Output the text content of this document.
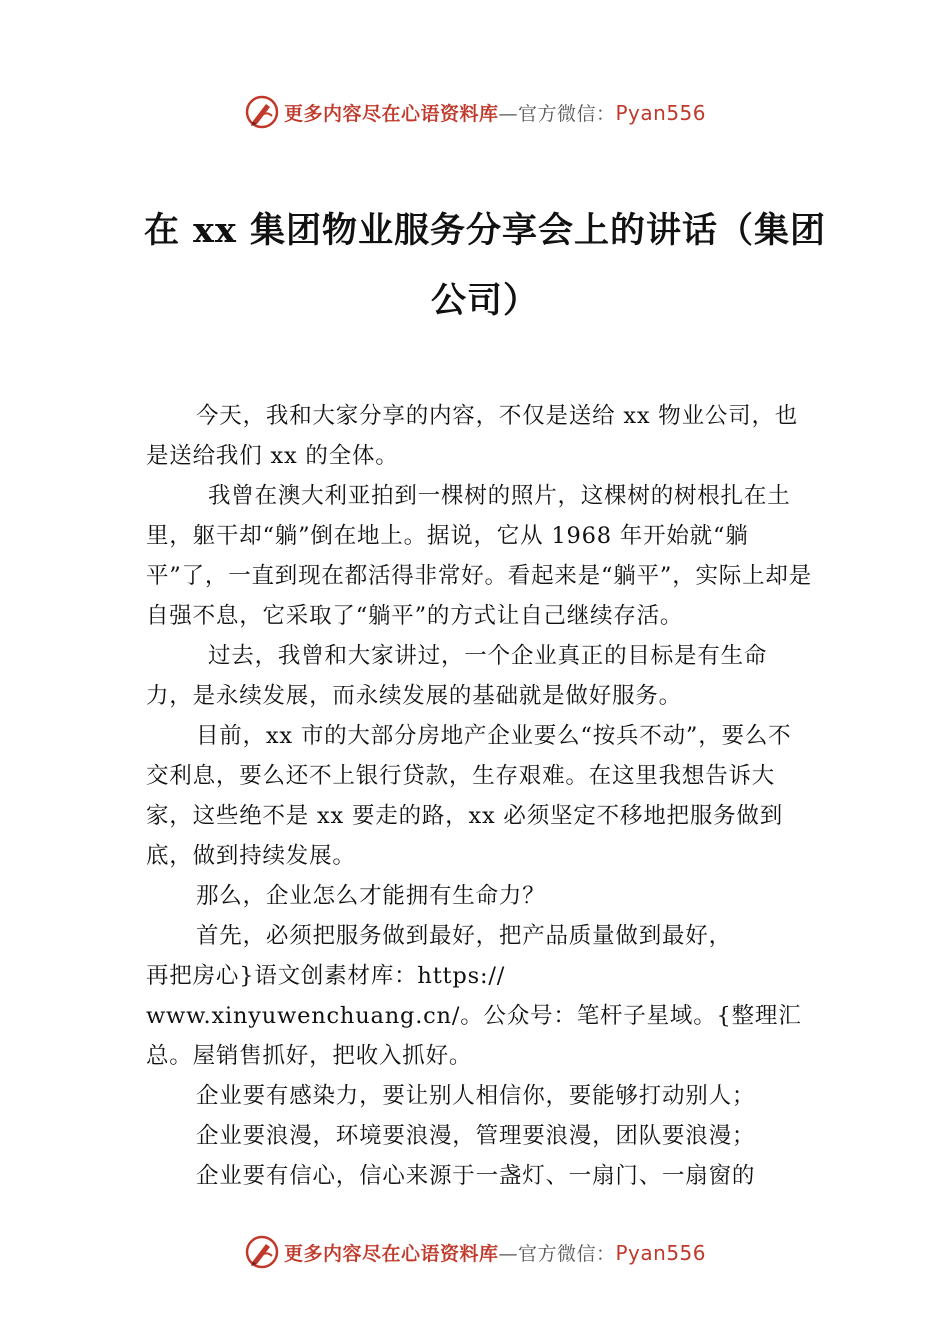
更多内容尽在心语资料库—官方微信：Pyan556
在 xx 集团物业服务分享会上的讲话（集团公司）

今天，我和大家分享的内容，不仅是送给 xx 物业公司，也是送给我们 xx 的全体。

我曾在澳大利亚拍到一棵树的照片，这棵树的树根扎在土里，躯干却“躺”倒在地上。据说，它从 1968 年开始就“躺平”了，一直到现在都活得非常好。看起来是“躺平”，实际上却是自强不息，它采取了“躺平”的方式让自己继续存活。

过去，我曾和大家讲过，一个企业真正的目标是有生命力，是永续发展，而永续发展的基础就是做好服务。

目前，xx 市的大部分房地产企业要么“按兵不动”，要么不交利息，要么还不上银行贷款，生存艰难。在这里我想告诉大家，这些绝不是 xx 要走的路，xx 必须坚定不移地把服务做到底，做到持续发展。

那么，企业怎么才能拥有生命力？

首先，必须把服务做到最好，把产品质量做到最好，

再把房心}语文创素材库：https://

www.xinyuwenchuang.cn/。公众号：笔杆子星域。{整理汇总。屋销售抓好，把收入抓好。

企业要有感染力，要让别人相信你，要能够打动别人；

企业要浪漫，环境要浪漫，管理要浪漫，团队要浪漫；

企业要有信心，信心来源于一盏灯、一扇门、一扇窗的

更多内容尽在心语资料库—官方微信：Pyan556
